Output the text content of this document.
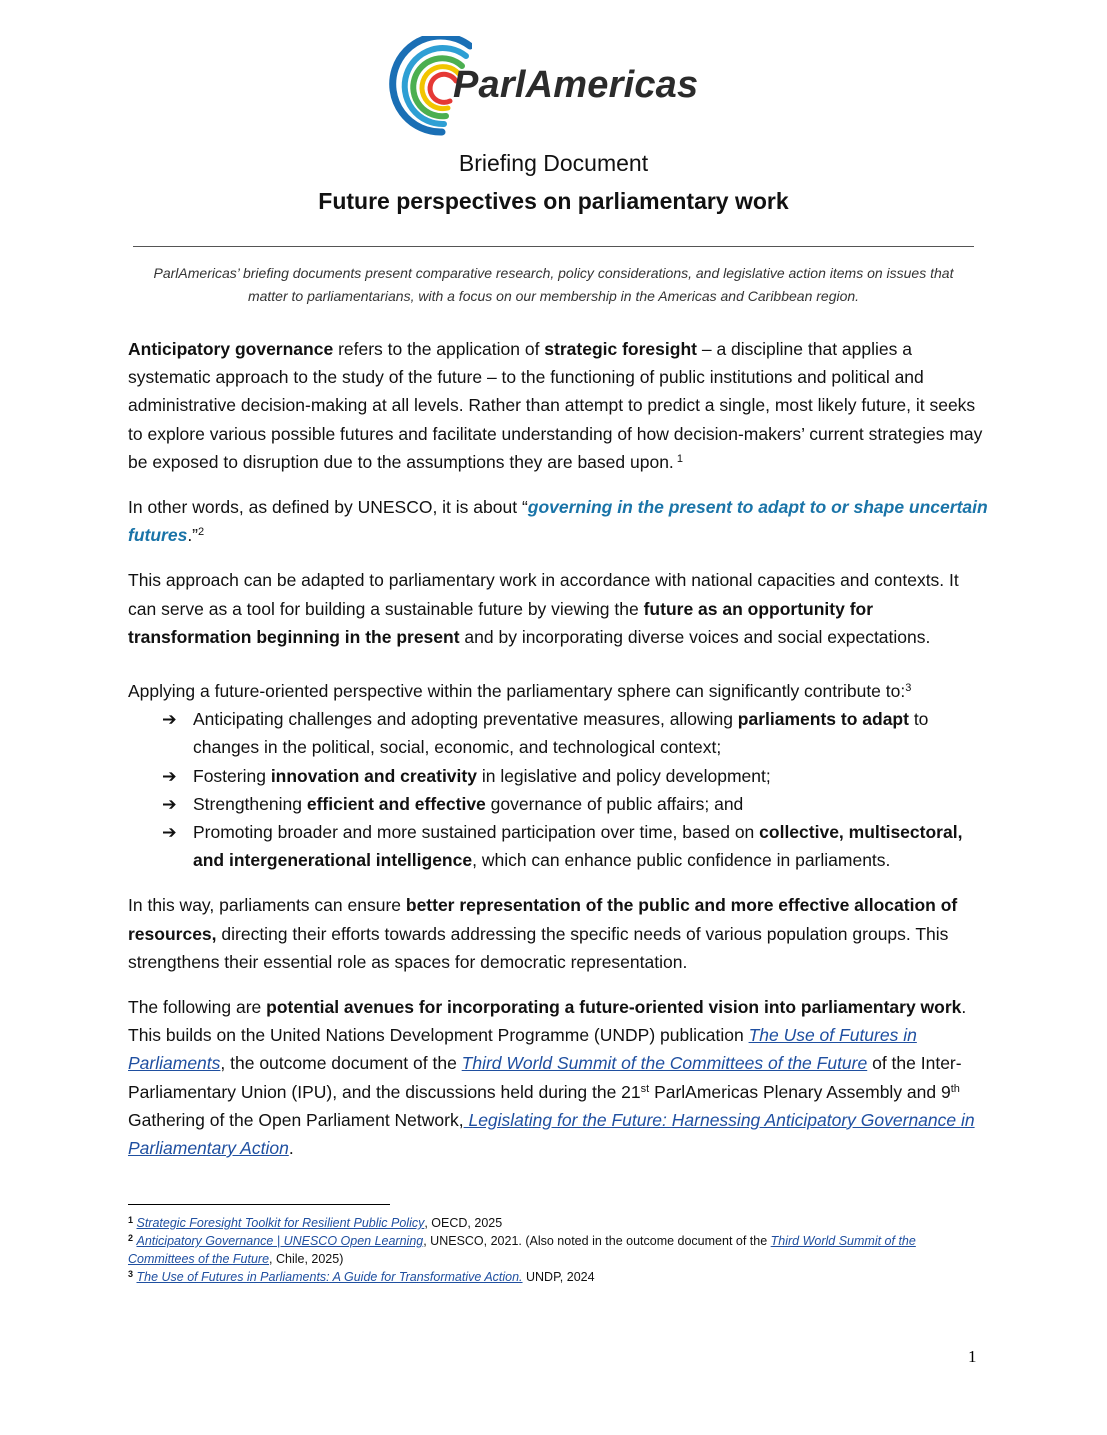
ParlAmericas
Briefing Document
Future perspectives on parliamentary work
ParlAmericas’ briefing documents present comparative research, policy considerations, and legislative action items on issues that matter to parliamentarians, with a focus on our membership in the Americas and Caribbean region.

Anticipatory governance refers to the application of strategic foresight – a discipline that applies a systematic approach to the study of the future – to the functioning of public institutions and political and administrative decision-making at all levels. Rather than attempt to predict a single, most likely future, it seeks to explore various possible futures and facilitate understanding of how decision-makers’ current strategies may be exposed to disruption due to the assumptions they are based upon. $^1$

In other words, as defined by UNESCO, it is about “governing in the present to adapt to or shape uncertain futures.”$^2$

This approach can be adapted to parliamentary work in accordance with national capacities and contexts. It can serve as a tool for building a sustainable future by viewing the future as an opportunity for transformation beginning in the present and by incorporating diverse voices and social expectations.

Applying a future-oriented perspective within the parliamentary sphere can significantly contribute to:$^3$

➔ Anticipating challenges and adopting preventative measures, allowing parliaments to adapt to changes in the political, social, economic, and technological context;
➔ Fostering innovation and creativity in legislative and policy development;
➔ Strengthening efficient and effective governance of public affairs; and
➔ Promoting broader and more sustained participation over time, based on collective, multisectoral, and intergenerational intelligence, which can enhance public confidence in parliaments.

In this way, parliaments can ensure better representation of the public and more effective allocation of resources, directing their efforts towards addressing the specific needs of various population groups. This strengthens their essential role as spaces for democratic representation.

The following are potential avenues for incorporating a future-oriented vision into parliamentary work. This builds on the United Nations Development Programme (UNDP) publication The Use of Futures in Parliaments, the outcome document of the Third World Summit of the Committees of the Future of the Inter-Parliamentary Union (IPU), and the discussions held during the 21st ParlAmericas Plenary Assembly and 9th Gathering of the Open Parliament Network, Legislating for the Future: Harnessing Anticipatory Governance in Parliamentary Action.

$^1$ Strategic Foresight Toolkit for Resilient Public Policy, OECD, 2025
$^2$ Anticipatory Governance | UNESCO Open Learning, UNESCO, 2021. (Also noted in the outcome document of the Third World Summit of the Committees of the Future, Chile, 2025)
$^3$ The Use of Futures in Parliaments: A Guide for Transformative Action. UNDP, 2024
1
